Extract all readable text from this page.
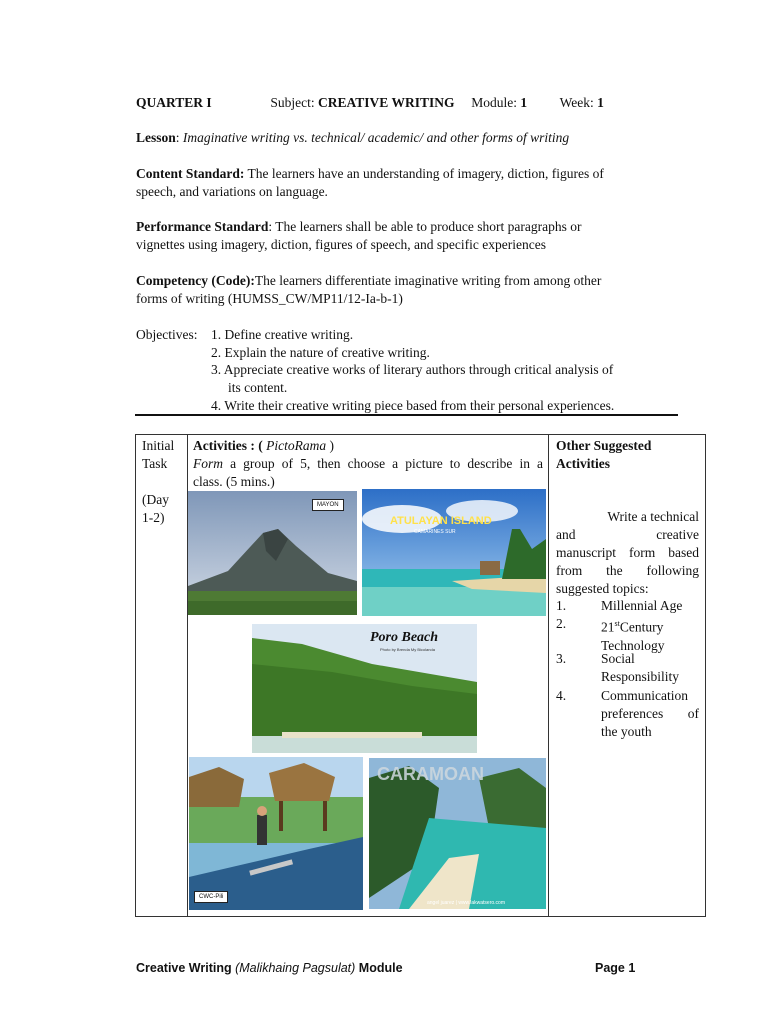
QUARTER I	Subject: CREATIVE WRITING Module: 1 Week: 1
Lesson: Imaginative writing vs. technical/ academic/ and other forms of writing
Content Standard: The learners have an understanding of imagery, diction, figures of
speech, and variations on language.
Performance Standard: The learners shall be able to produce short paragraphs or
vignettes using imagery, diction, figures of speech, and specific experiences
Competency (Code):The learners differentiate imaginative writing from among other
forms of writing (HUMSS_CW/MP11/12-Ia-b-1)
Objectives: 1. Define creative writing.
2. Explain the nature of creative writing.
3. Appreciate creative works of literary authors through critical analysis of
its content.
4. Write their creative writing piece based from their personal experiences.
Initial
Task
(Day
1-2)
Activities : ( PictoRama )
Form a group of 5, then choose a picture to describe in a
class. (5 mins.)
MAYON
ATULAYAN ISLAND
CAMARINES SUR
Poro Beach
Photo by Brenda My Bicolanda
CWC-Pili
CARAMOAN
angel juarez | www.lakwatsero.com
Other Suggested
Activities
Write a technical
and creative
manuscript form based
from the following
suggested topics:
1.	Millennial Age
2.	21stCentury
Technology
3.	Social
Responsibility
4.	Communication
preferences of
the youth
Creative Writing (Malikhaing Pagsulat) Module	Page 1
